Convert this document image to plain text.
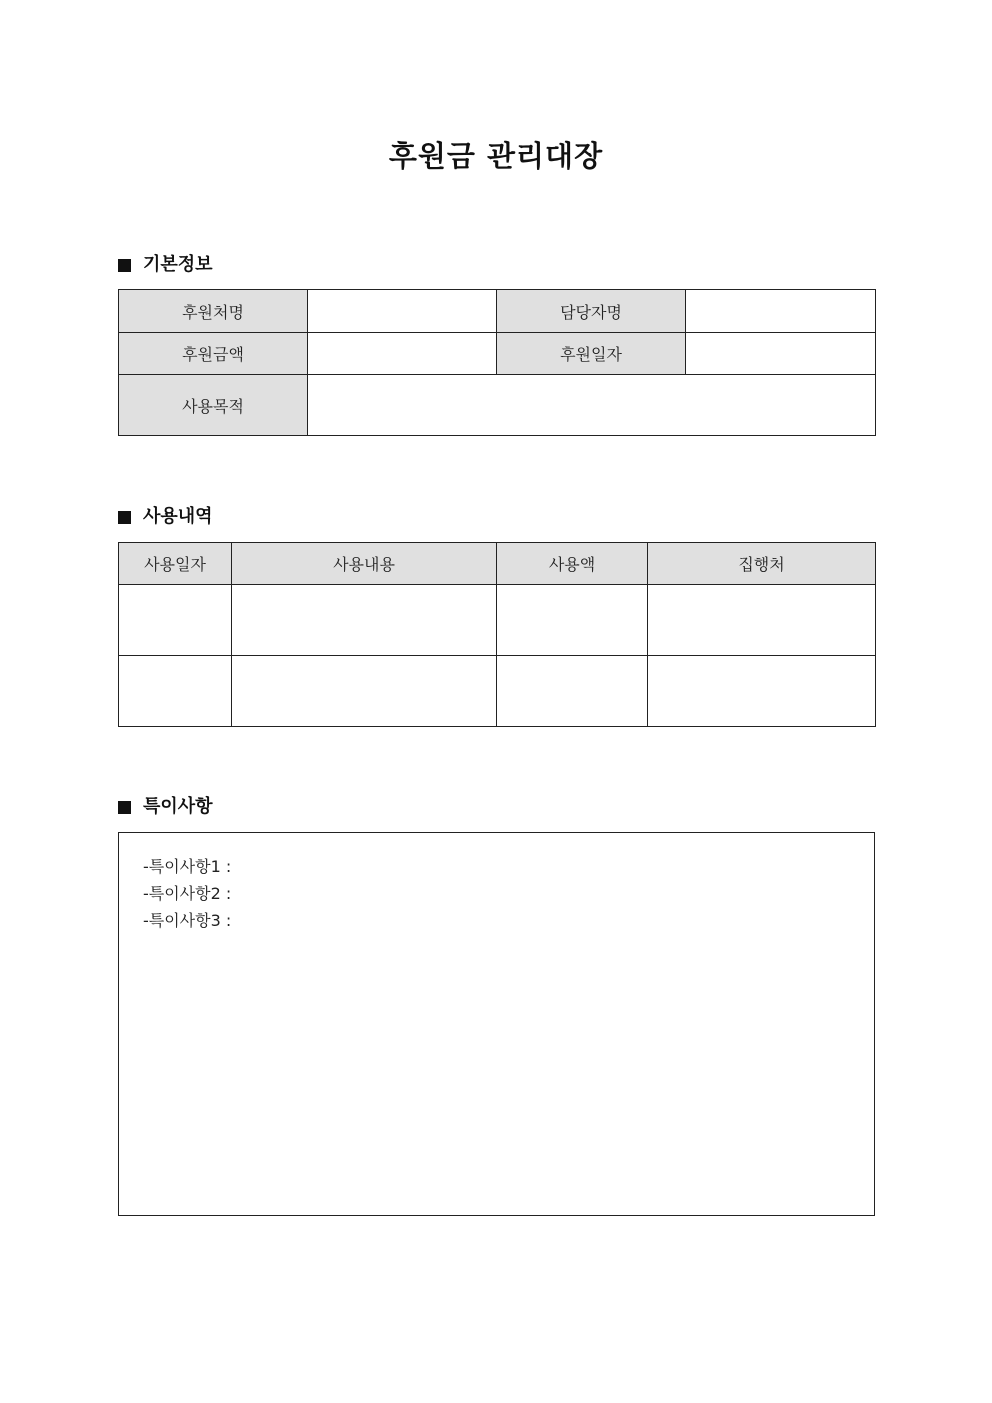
후원금 관리대장
기본정보
후원처명		담당자명	
후원금액		후원일자	
사용목적			
사용내역
사용일자	사용내용	사용액	집행처

특이사항
-특이사항1 :
-특이사항2 :
-특이사항3 :
